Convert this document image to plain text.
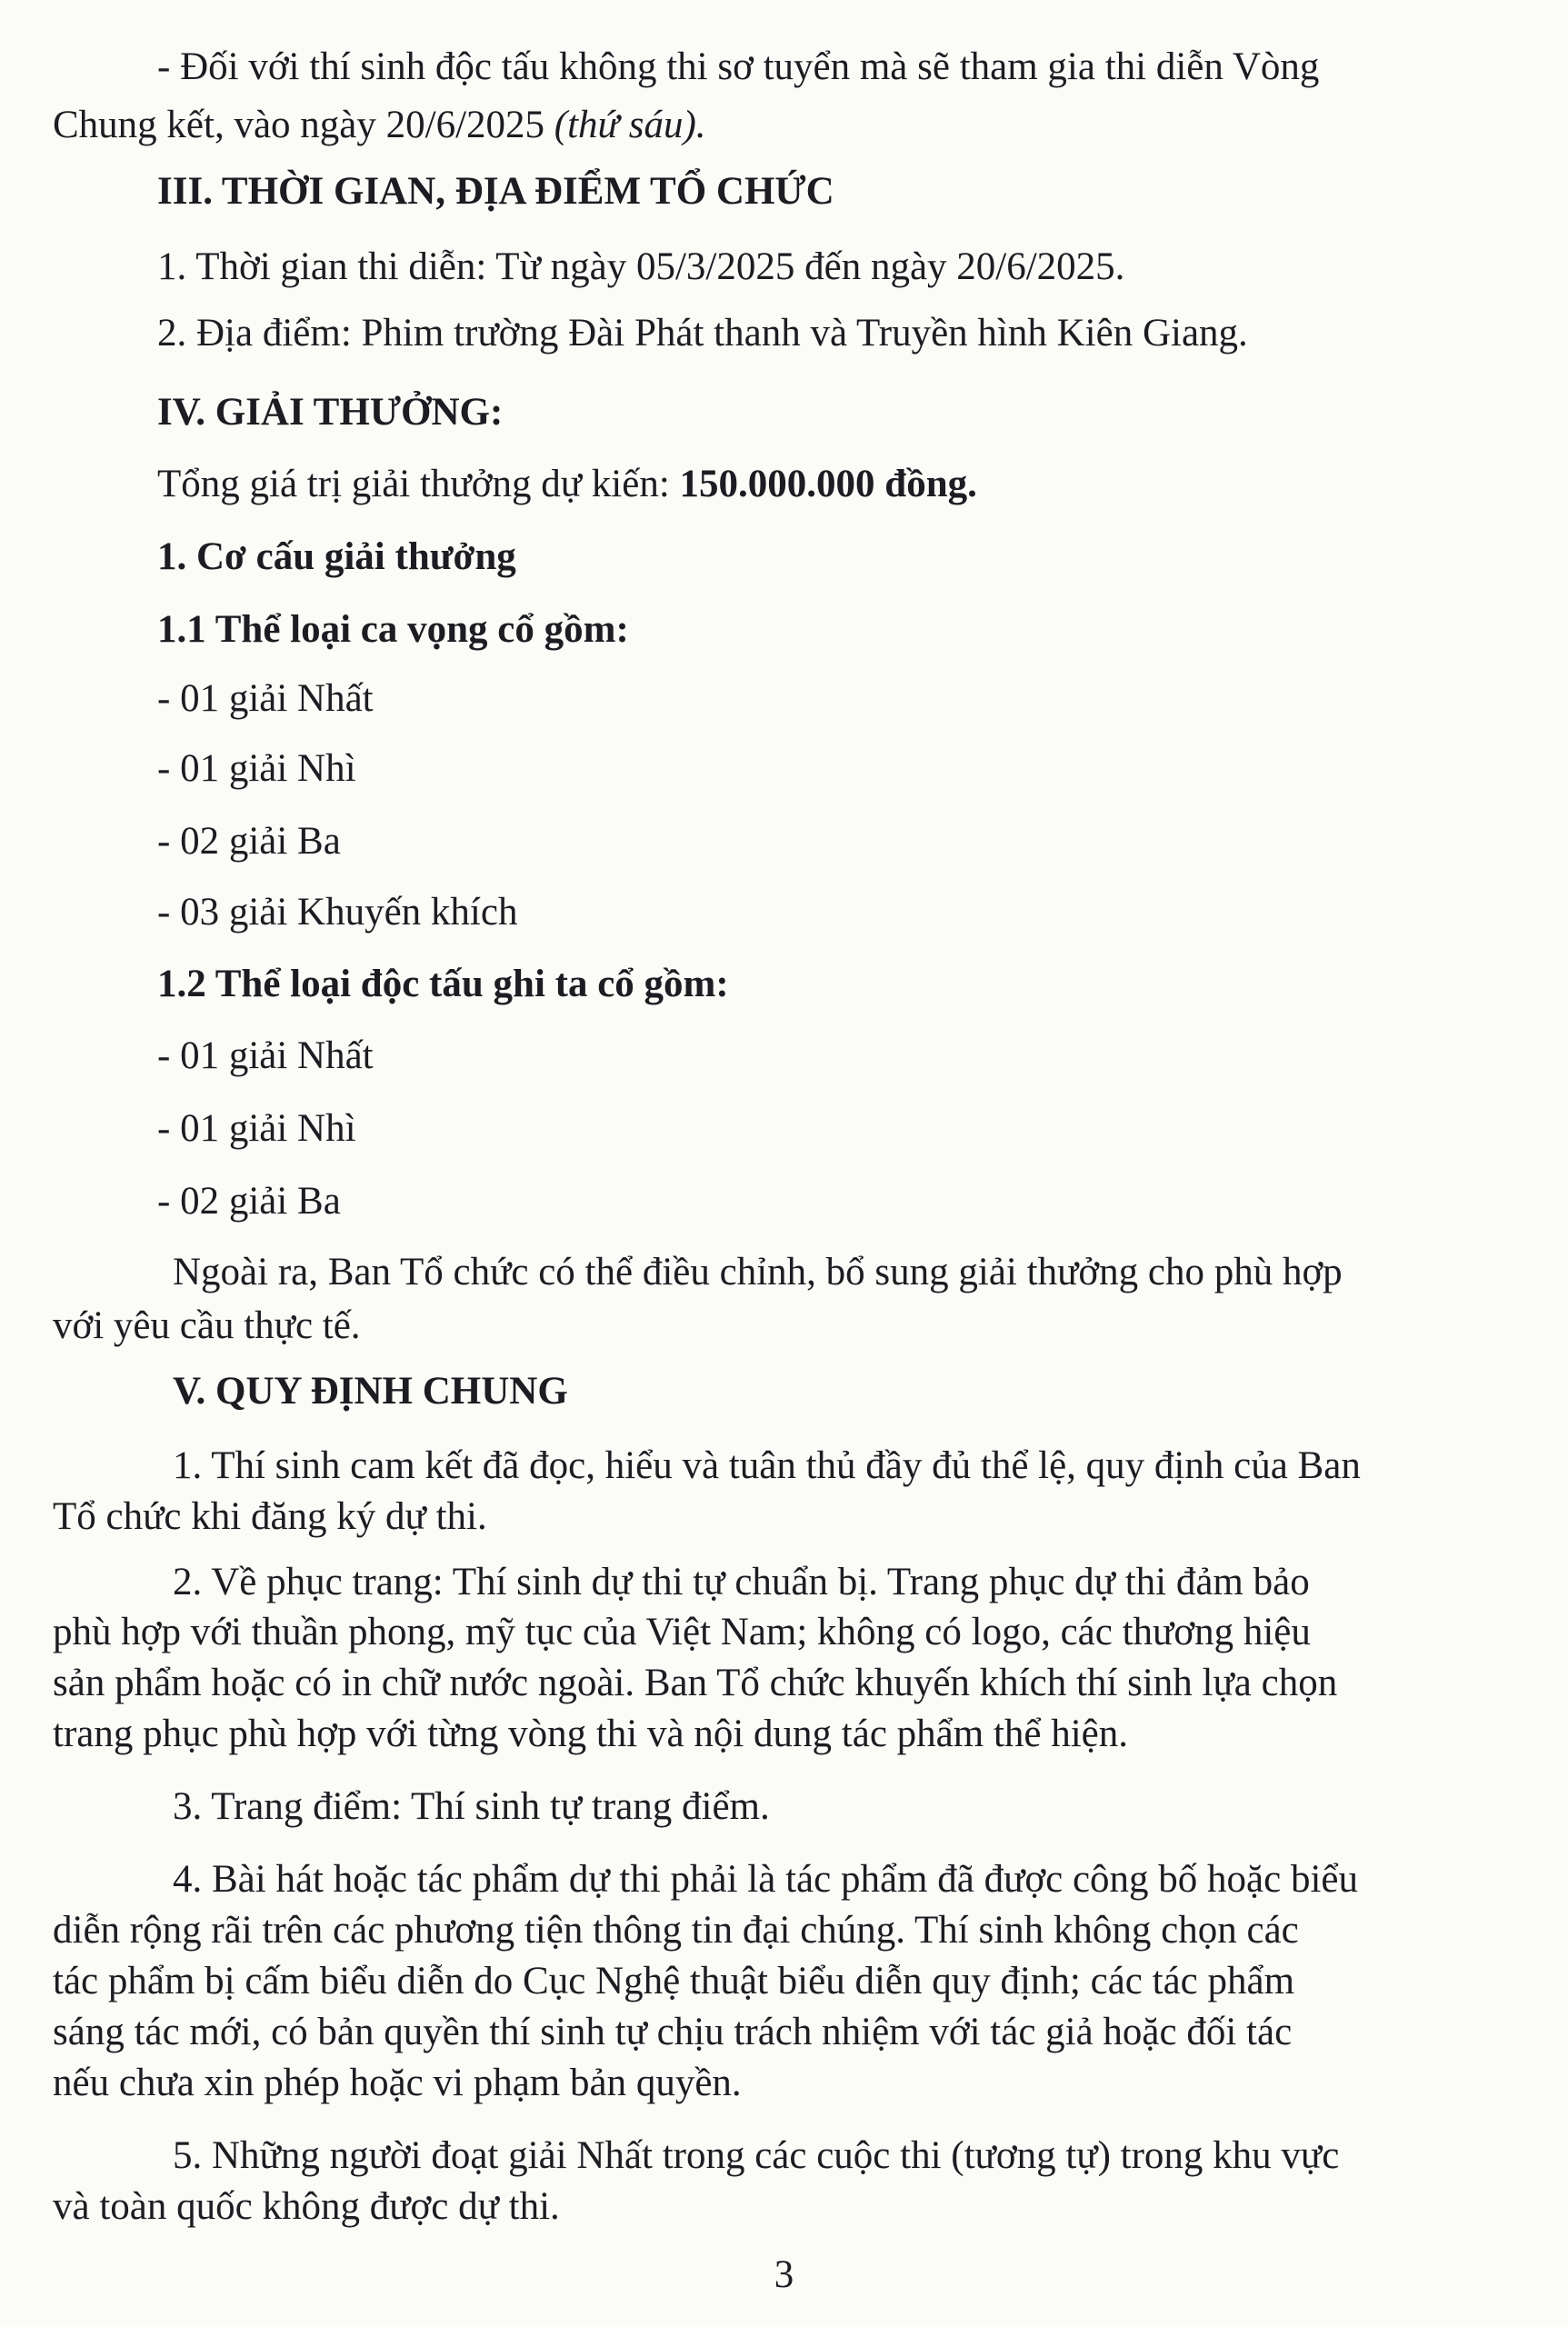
- Đối với thí sinh độc tấu không thi sơ tuyển mà sẽ tham gia thi diễn Vòng
Chung kết, vào ngày 20/6/2025 (thứ sáu).
III. THỜI GIAN, ĐỊA ĐIỂM TỔ CHỨC
1. Thời gian thi diễn: Từ ngày 05/3/2025 đến ngày 20/6/2025.
2. Địa điểm: Phim trường Đài Phát thanh và Truyền hình Kiên Giang.
IV. GIẢI THƯỞNG:
Tổng giá trị giải thưởng dự kiến: 150.000.000 đồng.
1. Cơ cấu giải thưởng
1.1 Thể loại ca vọng cổ gồm:
- 01 giải Nhất
- 01 giải Nhì
- 02 giải Ba
- 03 giải Khuyến khích
1.2 Thể loại độc tấu ghi ta cổ gồm:
- 01 giải Nhất
- 01 giải Nhì
- 02 giải Ba
Ngoài ra, Ban Tổ chức có thể điều chỉnh, bổ sung giải thưởng cho phù hợp
với yêu cầu thực tế.
V. QUY ĐỊNH CHUNG
1. Thí sinh cam kết đã đọc, hiểu và tuân thủ đầy đủ thể lệ, quy định của Ban
Tổ chức khi đăng ký dự thi.
2. Về phục trang: Thí sinh dự thi tự chuẩn bị. Trang phục dự thi đảm bảo
phù hợp với thuần phong, mỹ tục của Việt Nam; không có logo, các thương hiệu
sản phẩm hoặc có in chữ nước ngoài. Ban Tổ chức khuyến khích thí sinh lựa chọn
trang phục phù hợp với từng vòng thi và nội dung tác phẩm thể hiện.
3. Trang điểm: Thí sinh tự trang điểm.
4. Bài hát hoặc tác phẩm dự thi phải là tác phẩm đã được công bố hoặc biểu
diễn rộng rãi trên các phương tiện thông tin đại chúng. Thí sinh không chọn các
tác phẩm bị cấm biểu diễn do Cục Nghệ thuật biểu diễn quy định; các tác phẩm
sáng tác mới, có bản quyền thí sinh tự chịu trách nhiệm với tác giả hoặc đối tác
nếu chưa xin phép hoặc vi phạm bản quyền.
5. Những người đoạt giải Nhất trong các cuộc thi (tương tự) trong khu vực
và toàn quốc không được dự thi.
3
